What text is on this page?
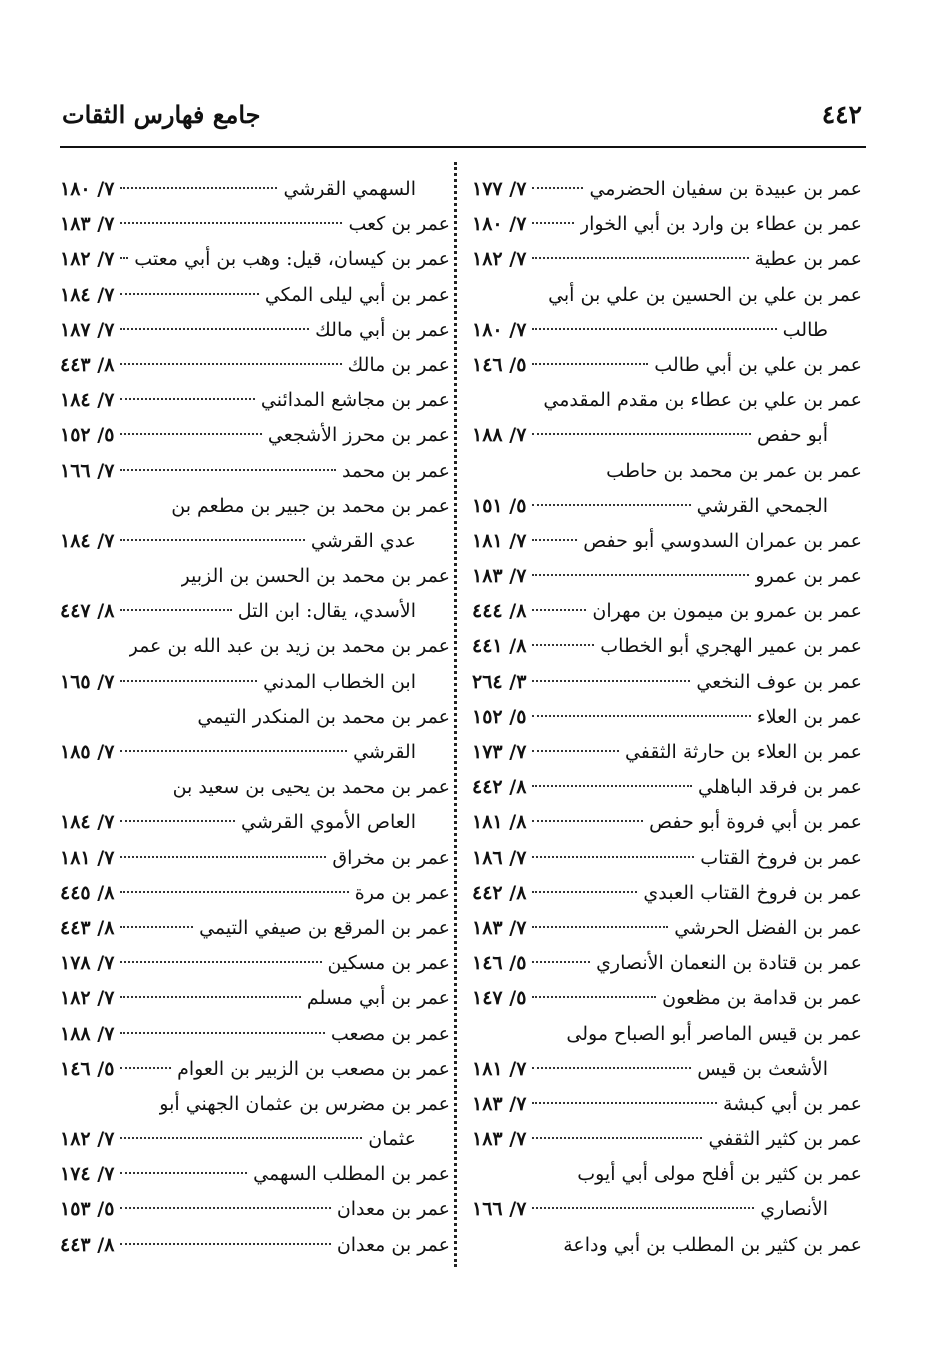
٤٤٢
جامع فهارس الثقات
عمر بن عبيدة بن سفيان الحضرمي
٧/ ١٧٧
عمر بن عطاء بن وارد بن أبي الخوار
٧/ ١٨٠
عمر بن عطية
٧/ ١٨٢
عمر بن علي بن الحسين بن علي بن أبي
طالب
٧/ ١٨٠
عمر بن علي بن أبي طالب
٥/ ١٤٦
عمر بن علي بن عطاء بن مقدم المقدمي
أبو حفص
٧/ ١٨٨
عمر بن عمر بن محمد بن حاطب
الجمحي القرشي
٥/ ١٥١
عمر بن عمران السدوسي أبو حفص
٧/ ١٨١
عمر بن عمرو
٧/ ١٨٣
عمر بن عمرو بن ميمون بن مهران
٨/ ٤٤٤
عمر بن عمير الهجري أبو الخطاب
٨/ ٤٤١
عمر بن عوف النخعي
٣/ ٢٦٤
عمر بن العلاء
٥/ ١٥٢
عمر بن العلاء بن حارثة الثقفي
٧/ ١٧٣
عمر بن فرقد الباهلي
٨/ ٤٤٢
عمر بن أبي فروة أبو حفص
٨/ ١٨١
عمر بن فروخ القتاب
٧/ ١٨٦
عمر بن فروخ القتاب العبدي
٨/ ٤٤٢
عمر بن الفضل الحرشي
٧/ ١٨٣
عمر بن قتادة بن النعمان الأنصاري
٥/ ١٤٦
عمر بن قدامة بن مظعون
٥/ ١٤٧
عمر بن قيس الماصر أبو الصباح مولى
الأشعث بن قيس
٧/ ١٨١
عمر بن أبي كبشة
٧/ ١٨٣
عمر بن كثير الثقفي
٧/ ١٨٣
عمر بن كثير بن أفلح مولى أبي أيوب
الأنصاري
٧/ ١٦٦
عمر بن كثير بن المطلب بن أبي وداعة
السهمي القرشي
٧/ ١٨٠
عمر بن كعب
٧/ ١٨٣
عمر بن كيسان، قيل: وهب بن أبي معتب
٧/ ١٨٢
عمر بن أبي ليلى المكي
٧/ ١٨٤
عمر بن أبي مالك
٧/ ١٨٧
عمر بن مالك
٨/ ٤٤٣
عمر بن مجاشع المدائني
٧/ ١٨٤
عمر بن محرز الأشجعي
٥/ ١٥٢
عمر بن محمد
٧/ ١٦٦
عمر بن محمد بن جبير بن مطعم بن
عدي القرشي
٧/ ١٨٤
عمر بن محمد بن الحسن بن الزبير
الأسدي، يقال: ابن التل
٨/ ٤٤٧
عمر بن محمد بن زيد بن عبد الله بن عمر
ابن الخطاب المدني
٧/ ١٦٥
عمر بن محمد بن المنكدر التيمي
القرشي
٧/ ١٨٥
عمر بن محمد بن يحيى بن سعيد بن
العاص الأموي القرشي
٧/ ١٨٤
عمر بن مخراق
٧/ ١٨١
عمر بن مرة
٨/ ٤٤٥
عمر بن المرقع بن صيفي التيمي
٨/ ٤٤٣
عمر بن مسكين
٧/ ١٧٨
عمر بن أبي مسلم
٧/ ١٨٢
عمر بن مصعب
٧/ ١٨٨
عمر بن مصعب بن الزبير بن العوام
٥/ ١٤٦
عمر بن مضرس بن عثمان الجهني أبو
عثمان
٧/ ١٨٢
عمر بن المطلب السهمي
٧/ ١٧٤
عمر بن معدان
٥/ ١٥٣
عمر بن معدان
٨/ ٤٤٣
